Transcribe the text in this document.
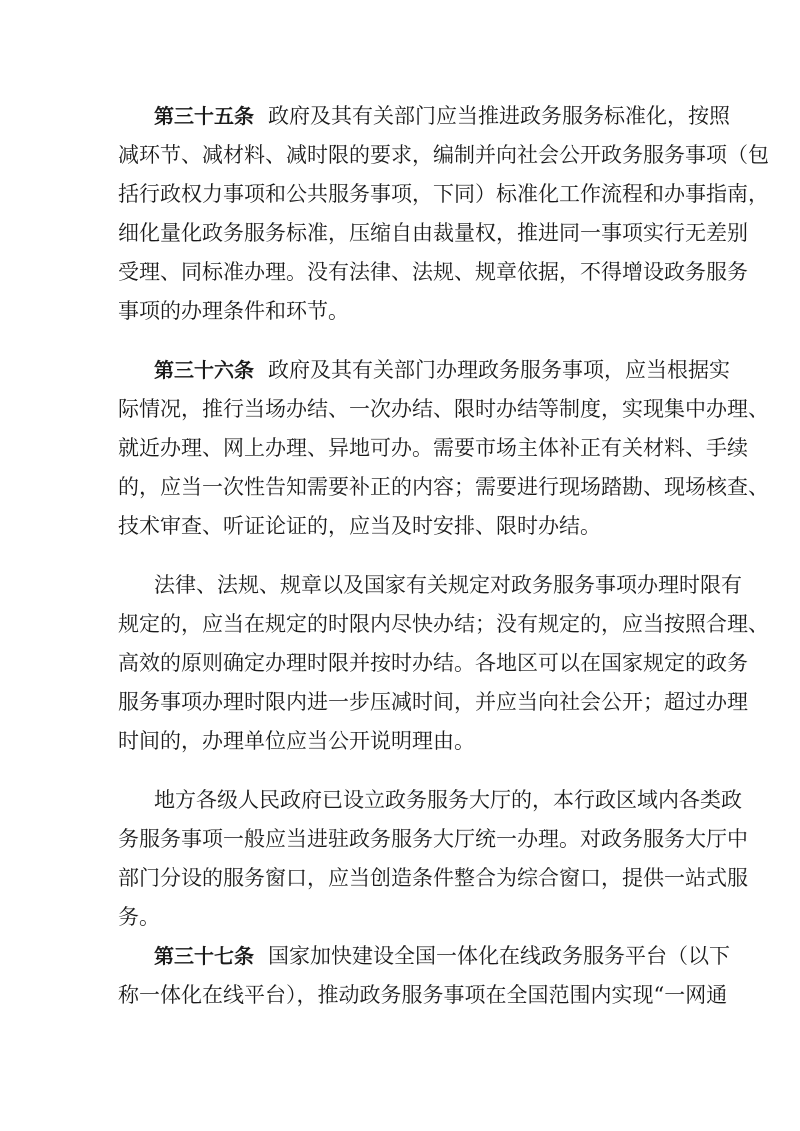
第三十五条 政府及其有关部门应当推进政务服务标准化，按照
减环节、减材料、减时限的要求，编制并向社会公开政务服务事项（包
括行政权力事项和公共服务事项，下同）标准化工作流程和办事指南，
细化量化政务服务标准，压缩自由裁量权，推进同一事项实行无差别
受理、同标准办理。没有法律、法规、规章依据，不得增设政务服务
事项的办理条件和环节。
第三十六条 政府及其有关部门办理政务服务事项，应当根据实
际情况，推行当场办结、一次办结、限时办结等制度，实现集中办理、
就近办理、网上办理、异地可办。需要市场主体补正有关材料、手续
的，应当一次性告知需要补正的内容；需要进行现场踏勘、现场核查、
技术审查、听证论证的，应当及时安排、限时办结。
法律、法规、规章以及国家有关规定对政务服务事项办理时限有
规定的，应当在规定的时限内尽快办结；没有规定的，应当按照合理、
高效的原则确定办理时限并按时办结。各地区可以在国家规定的政务
服务事项办理时限内进一步压减时间，并应当向社会公开；超过办理
时间的，办理单位应当公开说明理由。
地方各级人民政府已设立政务服务大厅的，本行政区域内各类政
务服务事项一般应当进驻政务服务大厅统一办理。对政务服务大厅中
部门分设的服务窗口，应当创造条件整合为综合窗口，提供一站式服
务。
第三十七条 国家加快建设全国一体化在线政务服务平台（以下
称一体化在线平台），推动政务服务事项在全国范围内实现“一网通
